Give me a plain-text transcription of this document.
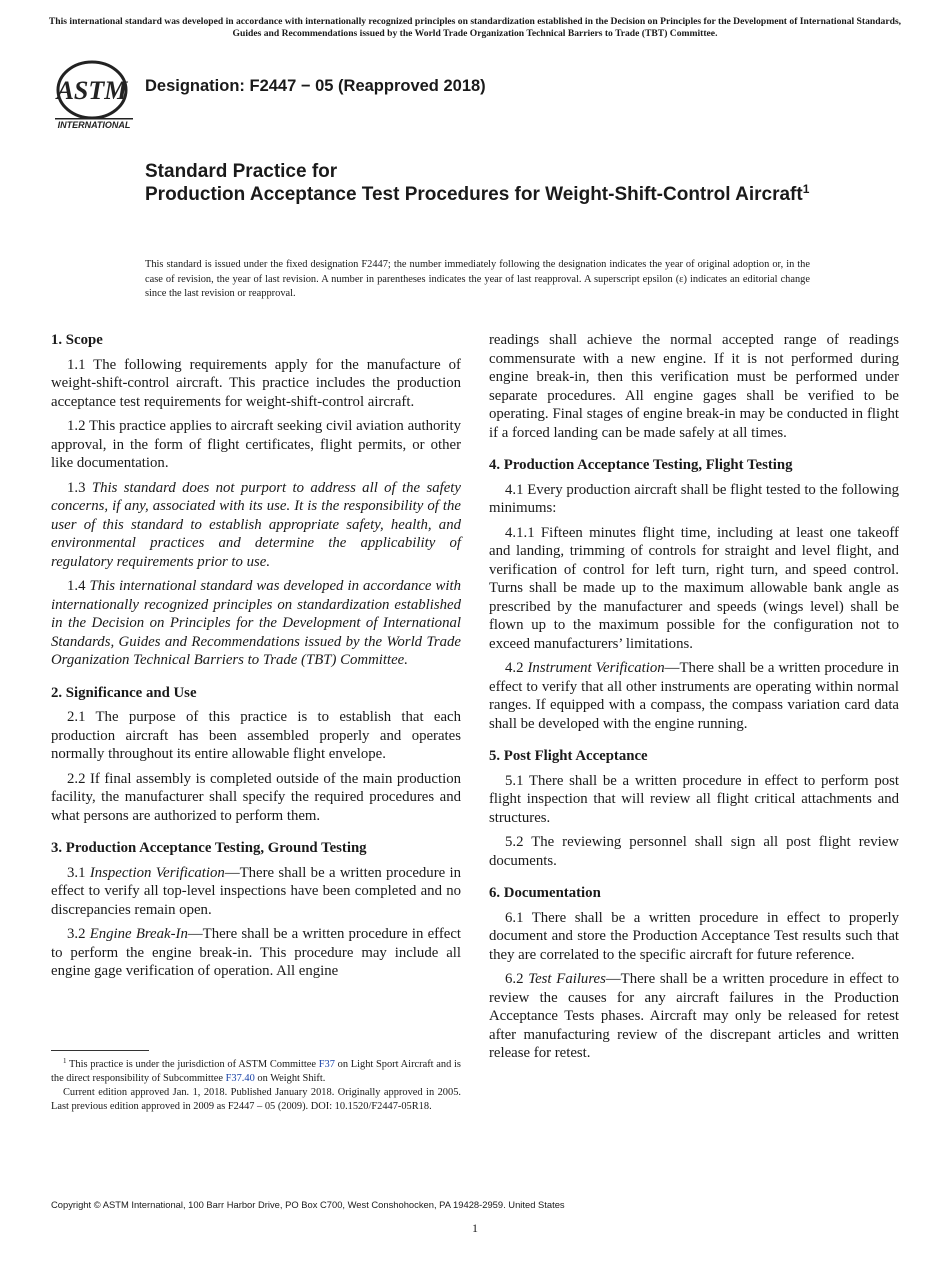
This international standard was developed in accordance with internationally recognized principles on standardization established in the Decision on Principles for the Development of International Standards, Guides and Recommendations issued by the World Trade Organization Technical Barriers to Trade (TBT) Committee.
ASTM
INTERNATIONAL
Designation: F2447 − 05 (Reapproved 2018)
Standard Practice for
Production Acceptance Test Procedures for Weight-Shift-Control Aircraft$^1$
This standard is issued under the fixed designation F2447; the number immediately following the designation indicates the year of original adoption or, in the case of revision, the year of last revision. A number in parentheses indicates the year of last reapproval. A superscript epsilon (ε) indicates an editorial change since the last revision or reapproval.
1. Scope

1.1 The following requirements apply for the manufacture of weight-shift-control aircraft. This practice includes the production acceptance test requirements for weight-shift-control aircraft.

1.2 This practice applies to aircraft seeking civil aviation authority approval, in the form of flight certificates, flight permits, or other like documentation.

1.3 This standard does not purport to address all of the safety concerns, if any, associated with its use. It is the responsibility of the user of this standard to establish appropriate safety, health, and environmental practices and determine the applicability of regulatory requirements prior to use.

1.4 This international standard was developed in accordance with internationally recognized principles on standardization established in the Decision on Principles for the Development of International Standards, Guides and Recommendations issued by the World Trade Organization Technical Barriers to Trade (TBT) Committee.

2. Significance and Use

2.1 The purpose of this practice is to establish that each production aircraft has been assembled properly and operates normally throughout its entire allowable flight envelope.

2.2 If final assembly is completed outside of the main production facility, the manufacturer shall specify the required procedures and what persons are authorized to perform them.

3. Production Acceptance Testing, Ground Testing

3.1 Inspection Verification—There shall be a written procedure in effect to verify all top-level inspections have been completed and no discrepancies remain open.

3.2 Engine Break-In—There shall be a written procedure in effect to perform the engine break-in. This procedure may include all engine gage verification of operation. All engine

readings shall achieve the normal accepted range of readings commensurate with a new engine. If it is not performed during engine break-in, then this verification must be performed under separate procedures. All engine gages shall be verified to be operating. Final stages of engine break-in may be conducted in flight if a forced landing can be made safely at all times.

4. Production Acceptance Testing, Flight Testing

4.1 Every production aircraft shall be flight tested to the following minimums:

4.1.1 Fifteen minutes flight time, including at least one takeoff and landing, trimming of controls for straight and level flight, and verification of control for left turn, right turn, and speed control. Turns shall be made up to the maximum allowable bank angle as prescribed by the manufacturer and speeds (wings level) shall be flown up to the maximum possible for the configuration not to exceed manufacturers’ limitations.

4.2 Instrument Verification—There shall be a written procedure in effect to verify that all other instruments are operating within normal ranges. If equipped with a compass, the compass variation card data shall be developed with the engine running.

5. Post Flight Acceptance

5.1 There shall be a written procedure in effect to perform post flight inspection that will review all flight critical attachments and structures.

5.2 The reviewing personnel shall sign all post flight review documents.

6. Documentation

6.1 There shall be a written procedure in effect to properly document and store the Production Acceptance Test results such that they are correlated to the specific aircraft for future reference.

6.2 Test Failures—There shall be a written procedure in effect to review the causes for any aircraft failures in the Production Acceptance Tests phases. Aircraft may only be released for retest after manufacturing review of the discrepant articles and written release for retest.

$^1$ This practice is under the jurisdiction of ASTM Committee F37 on Light Sport Aircraft and is the direct responsibility of Subcommittee F37.40 on Weight Shift.

Current edition approved Jan. 1, 2018. Published January 2018. Originally approved in 2005. Last previous edition approved in 2009 as F2447 – 05 (2009). DOI: 10.1520/F2447-05R18.

Copyright © ASTM International, 100 Barr Harbor Drive, PO Box C700, West Conshohocken, PA 19428-2959. United States
1
